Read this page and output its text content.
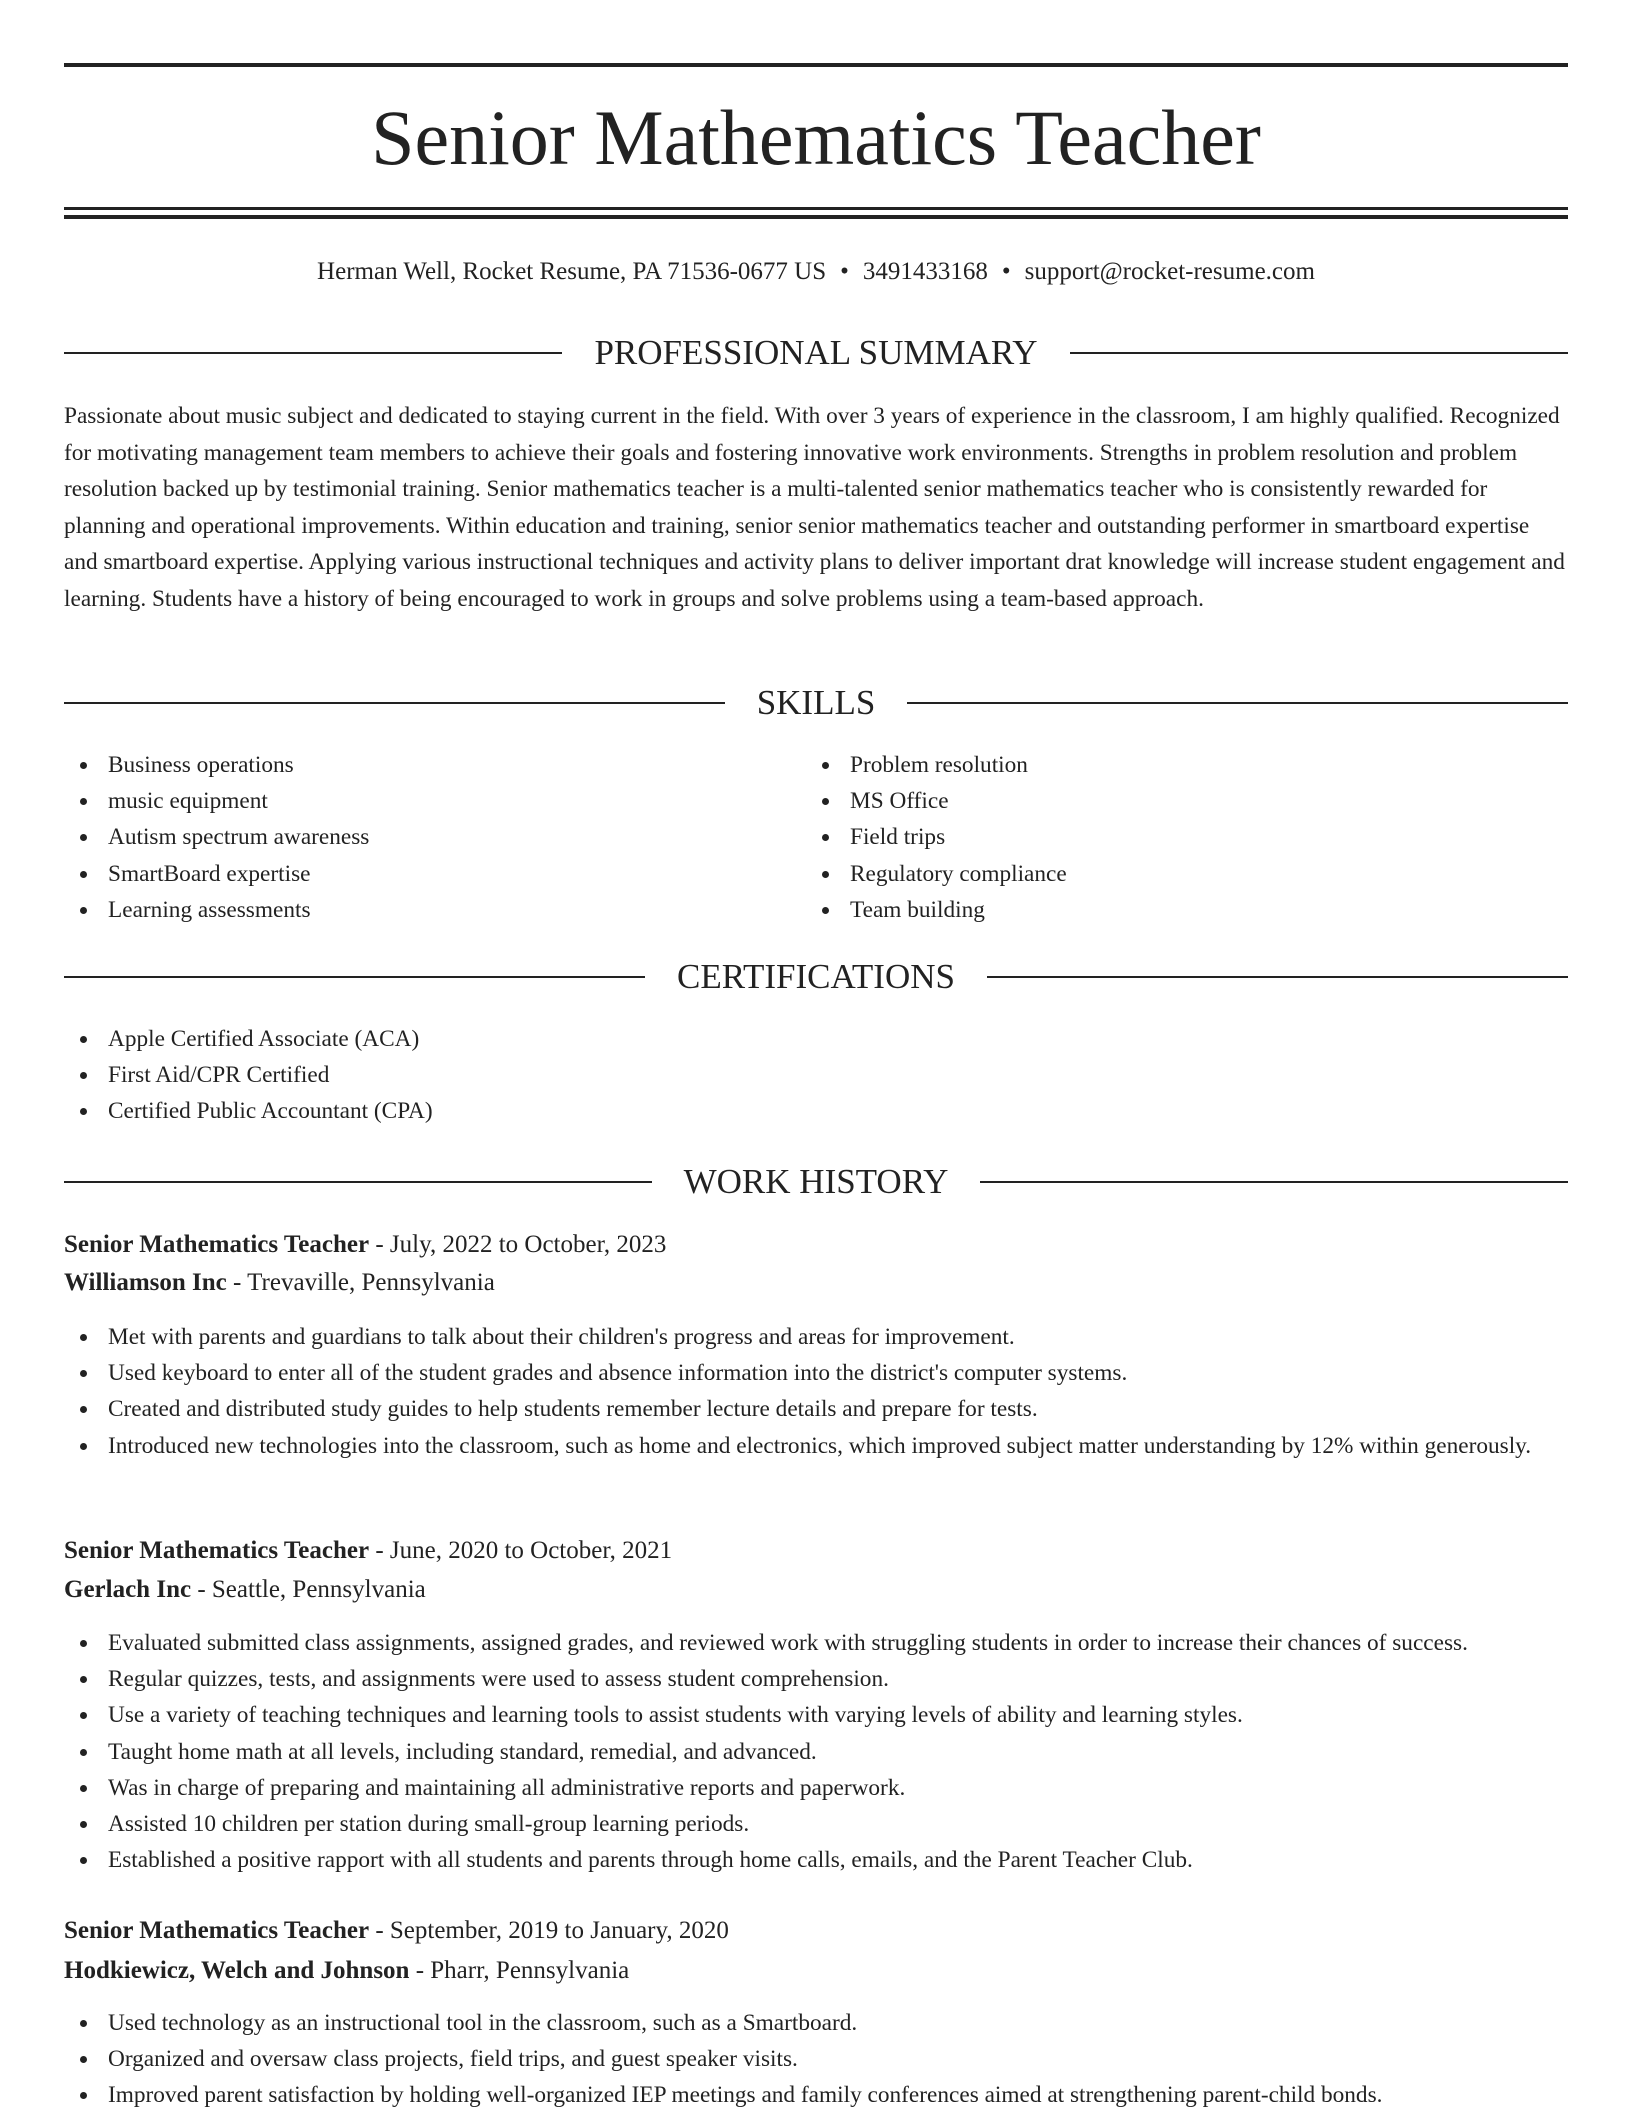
Senior Mathematics Teacher
Herman Well, Rocket Resume, PA 71536-0677 US • 3491433168 • support@rocket-resume.com
PROFESSIONAL SUMMARY

Passionate about music subject and dedicated to staying current in the field. With over 3 years of experience in the classroom, I am highly qualified. Recognized for motivating management team members to achieve their goals and fostering innovative work environments. Strengths in problem resolution and problem resolution backed up by testimonial training. Senior mathematics teacher is a multi-talented senior mathematics teacher who is consistently rewarded for planning and operational improvements. Within education and training, senior senior mathematics teacher and outstanding performer in smartboard expertise and smartboard expertise. Applying various instructional techniques and activity plans to deliver important drat knowledge will increase student engagement and learning. Students have a history of being encouraged to work in groups and solve problems using a team-based approach.

SKILLS
Business operations
music equipment
Autism spectrum awareness
SmartBoard expertise
Learning assessments
Problem resolution
MS Office
Field trips
Regulatory compliance
Team building
CERTIFICATIONS
Apple Certified Associate (ACA)
First Aid/CPR Certified
Certified Public Accountant (CPA)
WORK HISTORY
Senior Mathematics Teacher - July, 2022 to October, 2023
Williamson Inc - Trevaville, Pennsylvania
Met with parents and guardians to talk about their children's progress and areas for improvement.
Used keyboard to enter all of the student grades and absence information into the district's computer systems.
Created and distributed study guides to help students remember lecture details and prepare for tests.
Introduced new technologies into the classroom, such as home and electronics, which improved subject matter understanding by 12% within generously.
Senior Mathematics Teacher - June, 2020 to October, 2021
Gerlach Inc - Seattle, Pennsylvania
Evaluated submitted class assignments, assigned grades, and reviewed work with struggling students in order to increase their chances of success.
Regular quizzes, tests, and assignments were used to assess student comprehension.
Use a variety of teaching techniques and learning tools to assist students with varying levels of ability and learning styles.
Taught home math at all levels, including standard, remedial, and advanced.
Was in charge of preparing and maintaining all administrative reports and paperwork.
Assisted 10 children per station during small-group learning periods.
Established a positive rapport with all students and parents through home calls, emails, and the Parent Teacher Club.
Senior Mathematics Teacher - September, 2019 to January, 2020
Hodkiewicz, Welch and Johnson - Pharr, Pennsylvania
Used technology as an instructional tool in the classroom, such as a Smartboard.
Organized and oversaw class projects, field trips, and guest speaker visits.
Improved parent satisfaction by holding well-organized IEP meetings and family conferences aimed at strengthening parent-child bonds.
